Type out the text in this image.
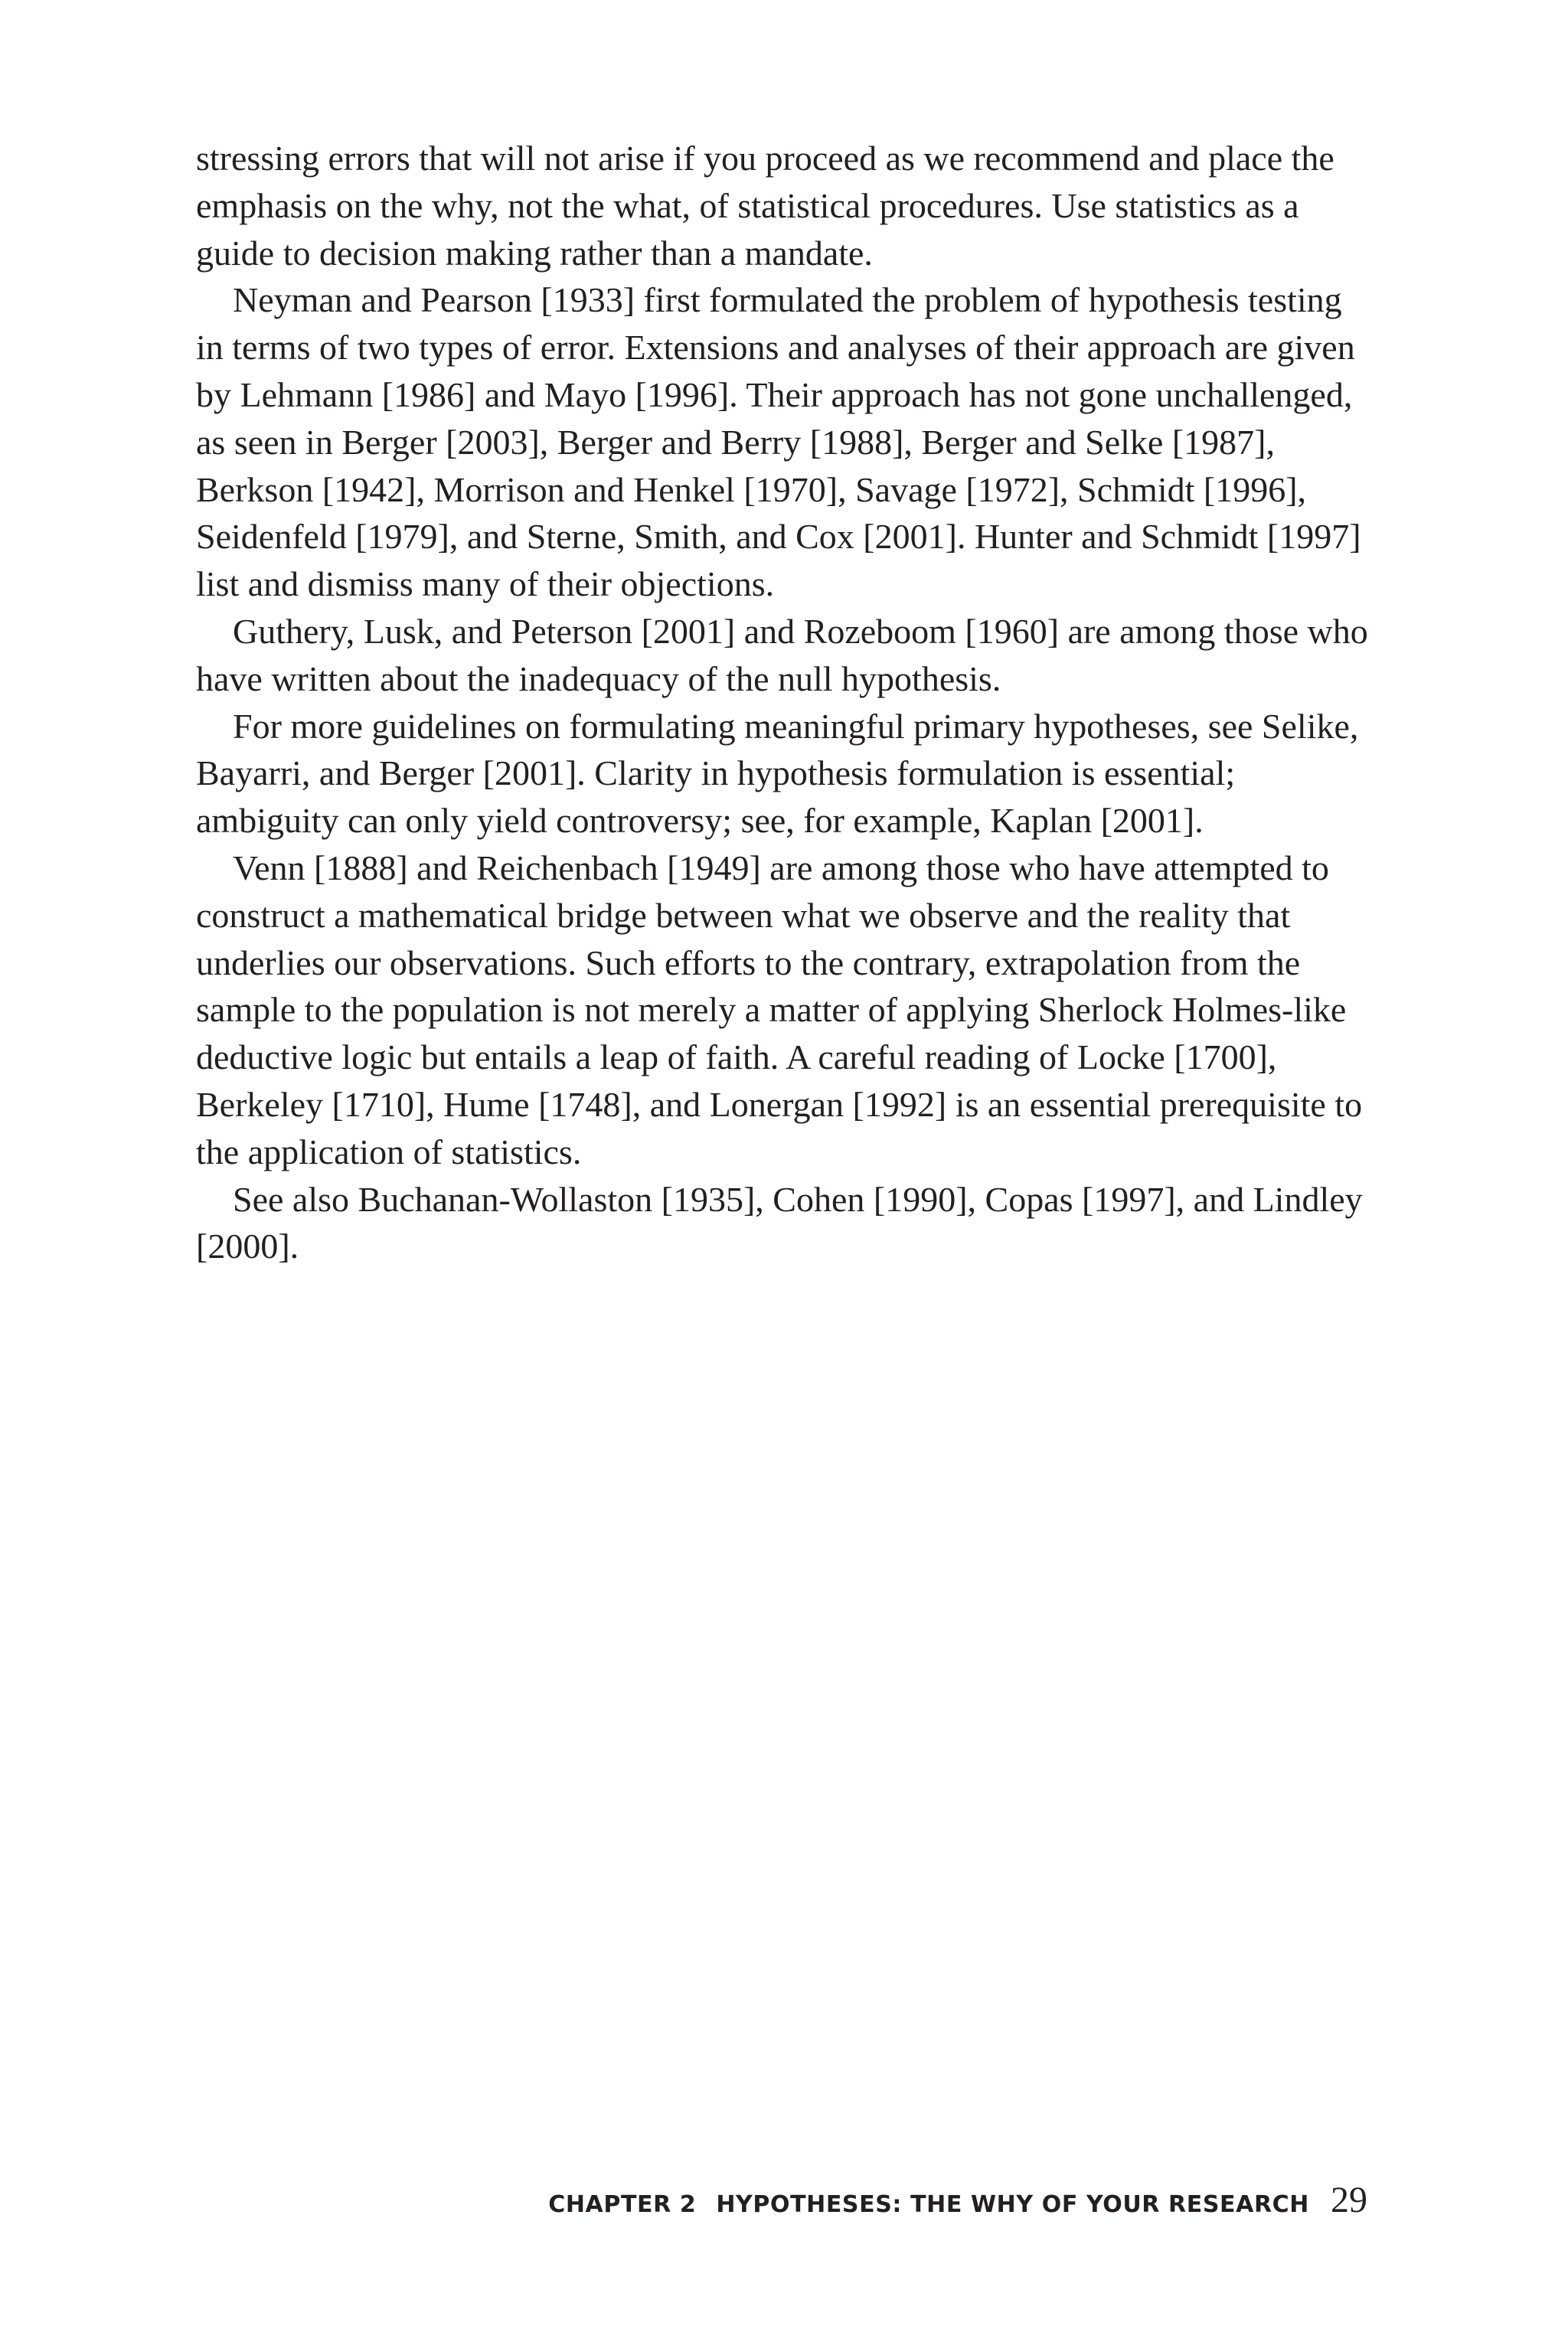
stressing errors that will not arise if you proceed as we recommend and place the emphasis on the why, not the what, of statistical procedures. Use statistics as a guide to decision making rather than a mandate.

Neyman and Pearson [1933] first formulated the problem of hypothesis testing in terms of two types of error. Extensions and analyses of their approach are given by Lehmann [1986] and Mayo [1996]. Their approach has not gone unchallenged, as seen in Berger [2003], Berger and Berry [1988], Berger and Selke [1987], Berkson [1942], Morrison and Henkel [1970], Savage [1972], Schmidt [1996], Seidenfeld [1979], and Sterne, Smith, and Cox [2001]. Hunter and Schmidt [1997] list and dismiss many of their objections.

Guthery, Lusk, and Peterson [2001] and Rozeboom [1960] are among those who have written about the inadequacy of the null hypothesis.

For more guidelines on formulating meaningful primary hypotheses, see Selike, Bayarri, and Berger [2001]. Clarity in hypothesis formulation is essential; ambiguity can only yield controversy; see, for example, Kaplan [2001].

Venn [1888] and Reichenbach [1949] are among those who have attempted to construct a mathematical bridge between what we observe and the reality that underlies our observations. Such efforts to the contrary, extrapolation from the sample to the population is not merely a matter of applying Sherlock Holmes-like deductive logic but entails a leap of faith. A careful reading of Locke [1700], Berkeley [1710], Hume [1748], and Lonergan [1992] is an essential prerequisite to the application of statistics.

See also Buchanan-Wollaston [1935], Cohen [1990], Copas [1997], and Lindley [2000].

CHAPTER 2 HYPOTHESES: THE WHY OF YOUR RESEARCH 29
